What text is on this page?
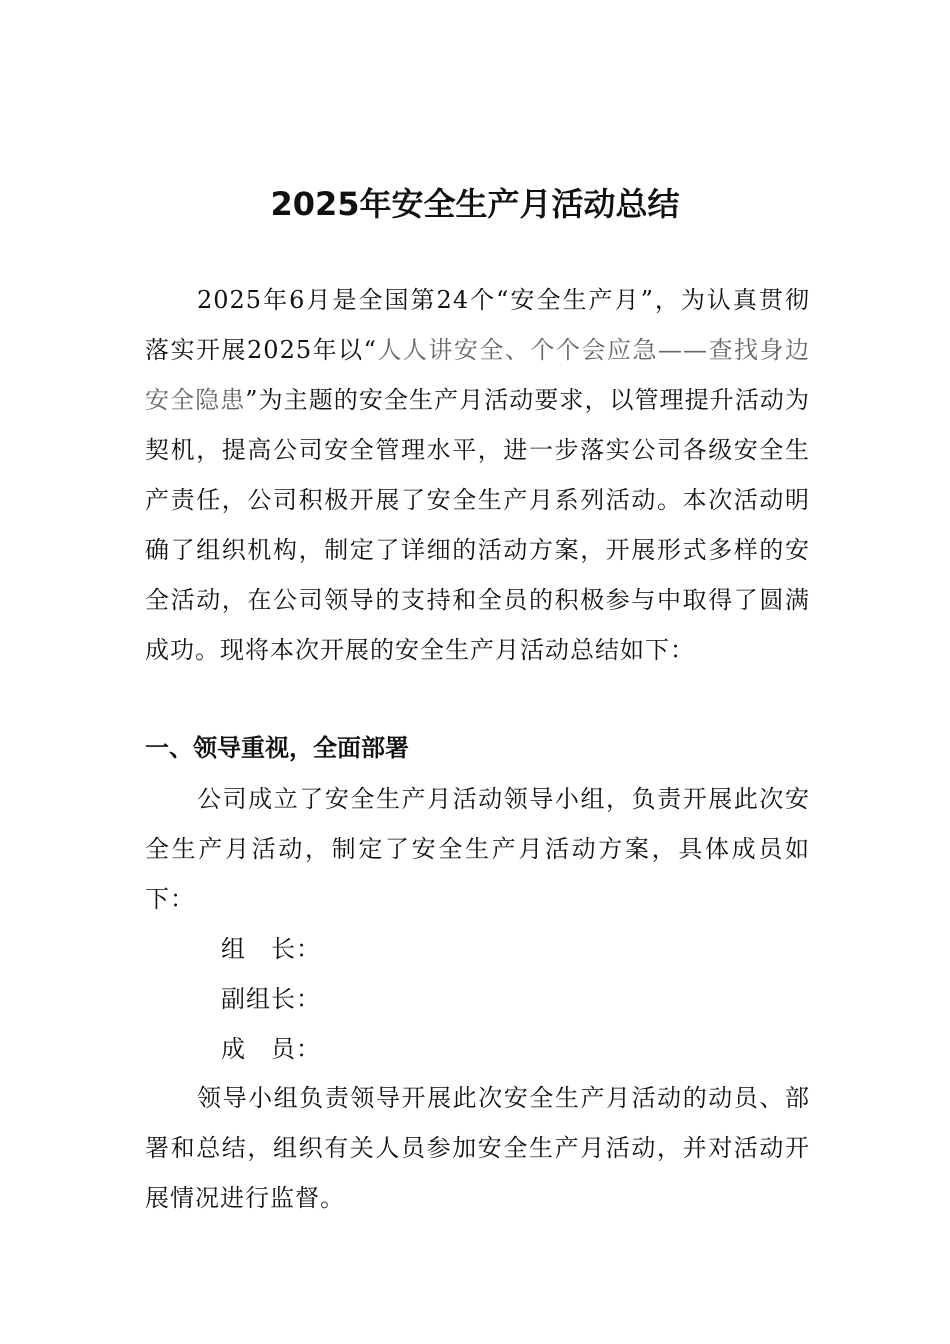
2025年安全生产月活动总结
2025年6月是全国第24个“安全生产月”，为认真贯彻落实开展2025年以“人人讲安全、个个会应急——查找身边安全隐患”为主题的安全生产月活动要求，以管理提升活动为契机，提高公司安全管理水平，进一步落实公司各级安全生产责任，公司积极开展了安全生产月系列活动。本次活动明确了组织机构，制定了详细的活动方案，开展形式多样的安全活动，在公司领导的支持和全员的积极参与中取得了圆满成功。现将本次开展的安全生产月活动总结如下：
一、领导重视，全面部署
公司成立了安全生产月活动领导小组，负责开展此次安全生产月活动，制定了安全生产月活动方案，具体成员如下：
组　长：
副组长：
成　员：
领导小组负责领导开展此次安全生产月活动的动员、部署和总结，组织有关人员参加安全生产月活动，并对活动开展情况进行监督。
